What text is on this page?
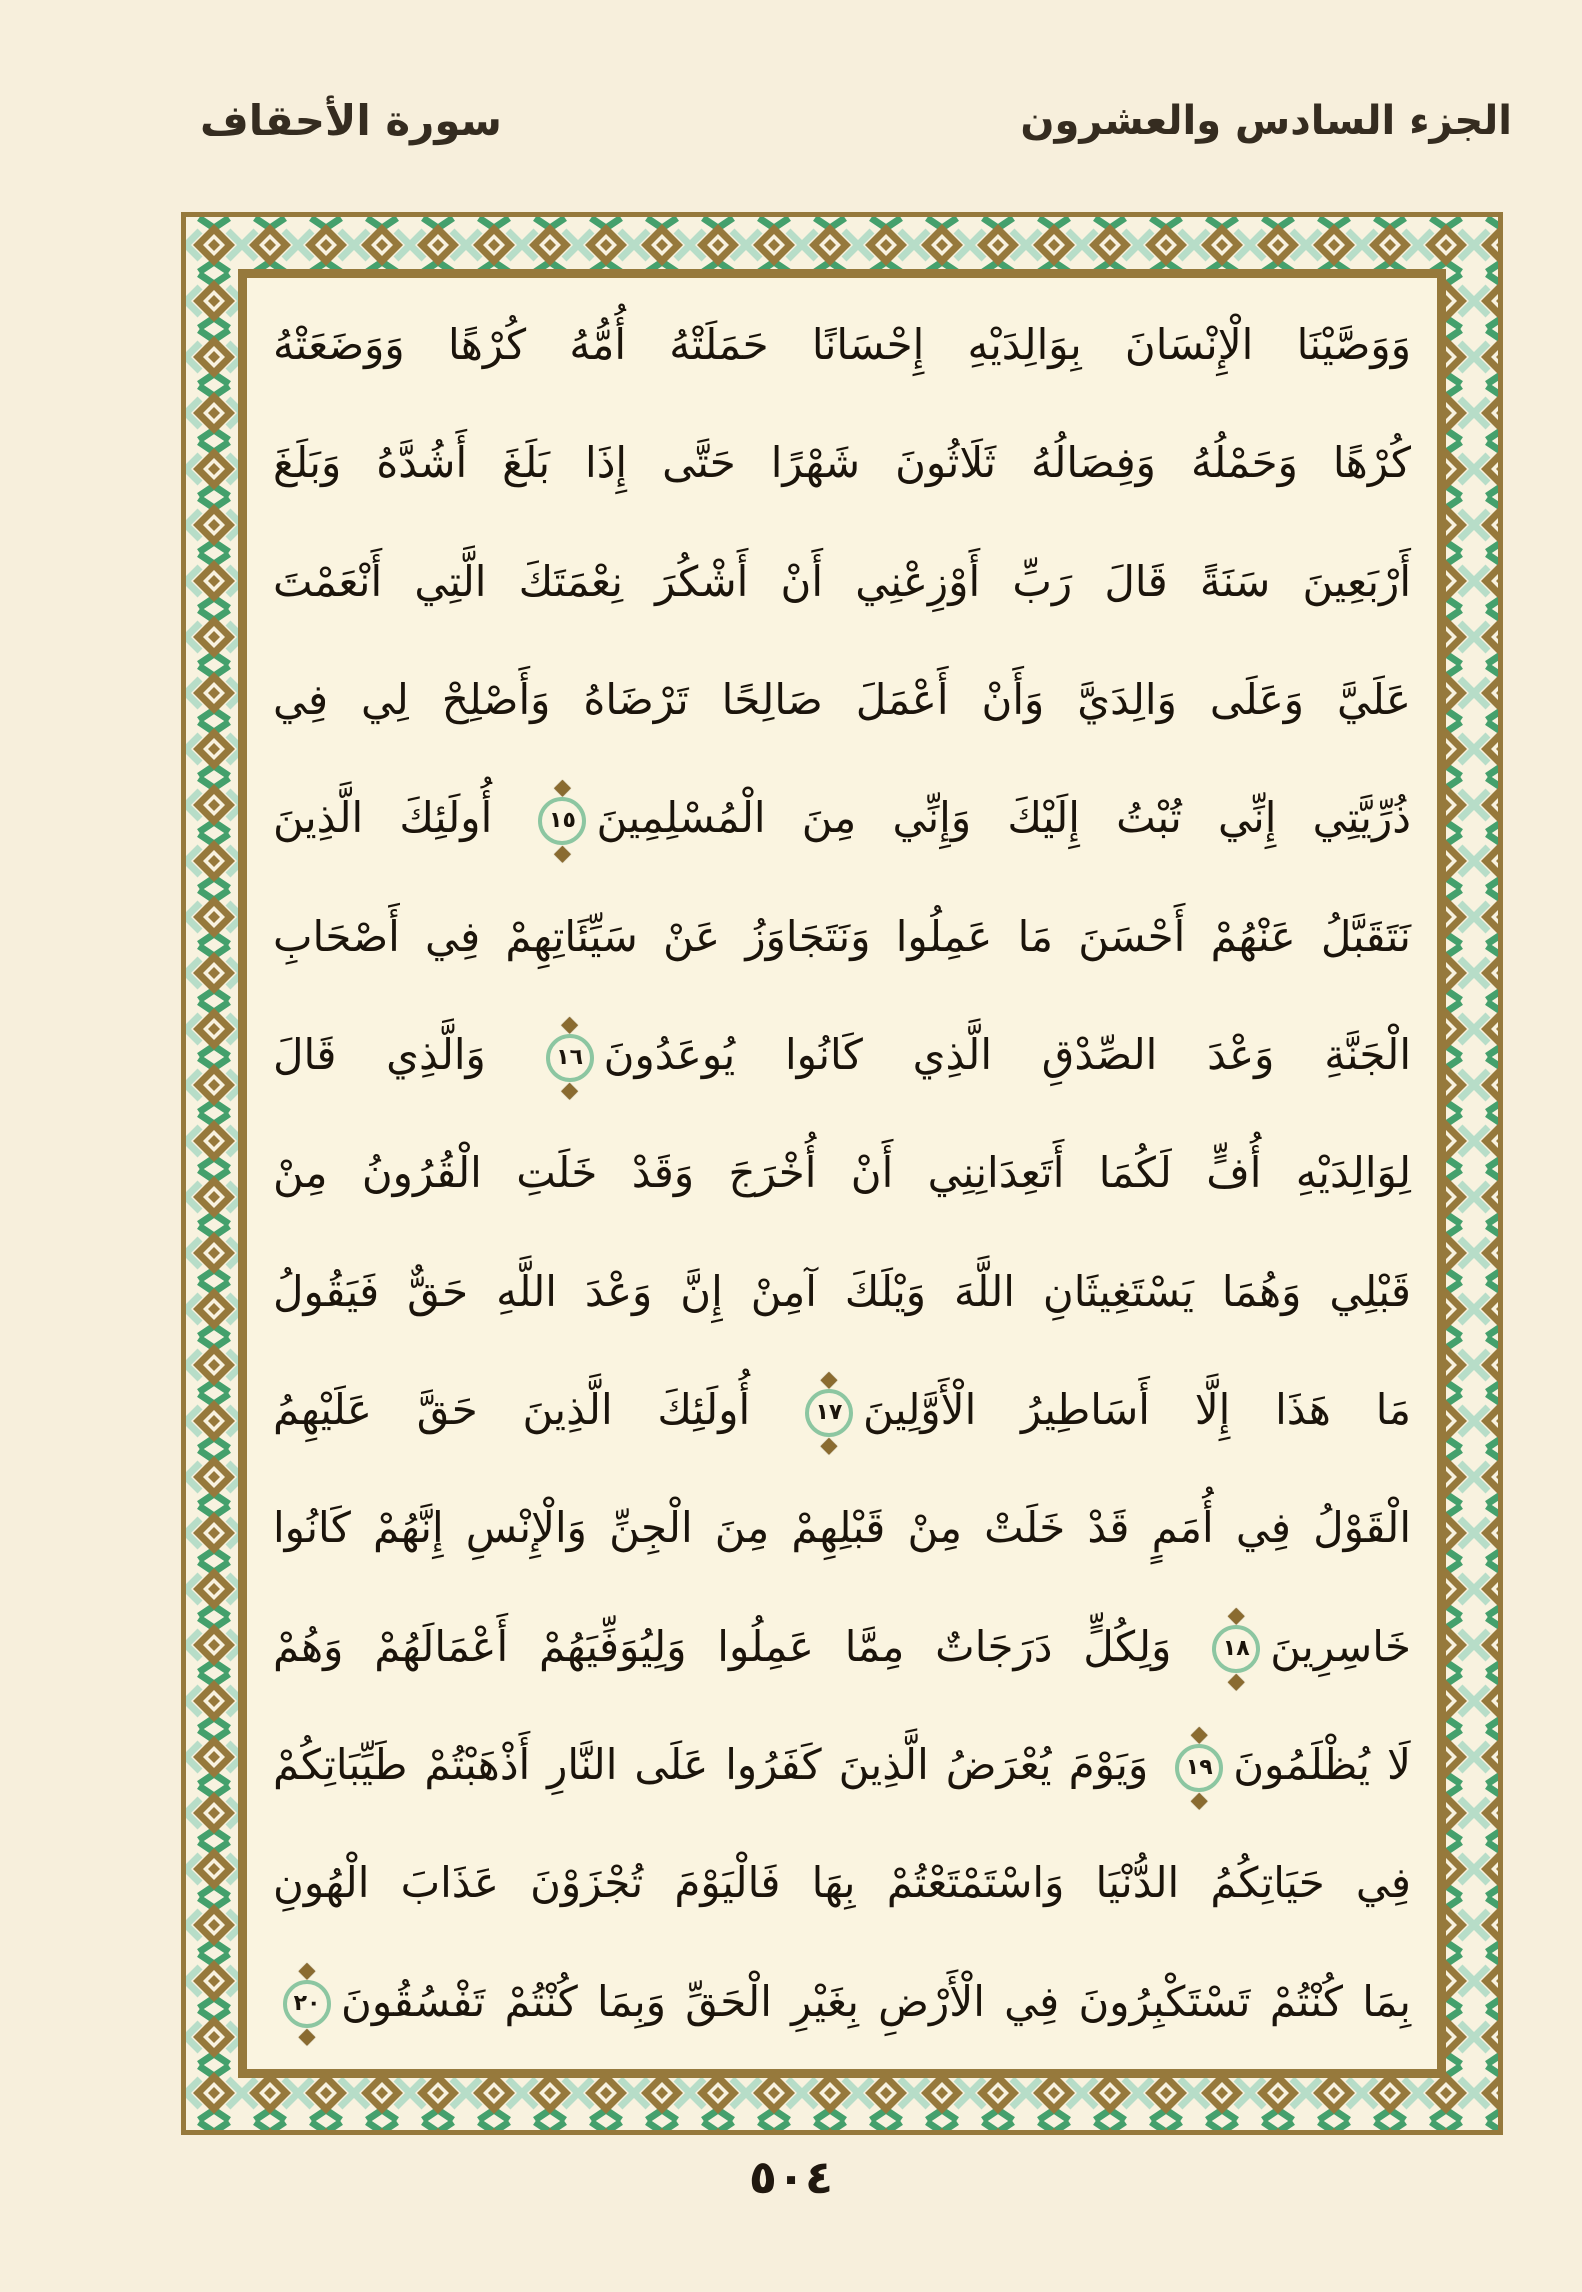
الجزء السادس والعشرون
سورة الأحقاف
وَوَصَّيْنَا الْإِنْسَانَ بِوَالِدَيْهِ إِحْسَانًا حَمَلَتْهُ أُمُّهُ كُرْهًا وَوَضَعَتْهُ
كُرْهًا وَحَمْلُهُ وَفِصَالُهُ ثَلَاثُونَ شَهْرًا حَتَّى إِذَا بَلَغَ أَشُدَّهُ وَبَلَغَ
أَرْبَعِينَ سَنَةً قَالَ رَبِّ أَوْزِعْنِي أَنْ أَشْكُرَ نِعْمَتَكَ الَّتِي أَنْعَمْتَ
عَلَيَّ وَعَلَى وَالِدَيَّ وَأَنْ أَعْمَلَ صَالِحًا تَرْضَاهُ وَأَصْلِحْ لِي فِي
ذُرِّيَّتِي إِنِّي تُبْتُ إِلَيْكَ وَإِنِّي مِنَ الْمُسْلِمِينَ
◆ ١٥
◆ أُولَئِكَ الَّذِينَ
نَتَقَبَّلُ عَنْهُمْ أَحْسَنَ مَا عَمِلُوا وَنَتَجَاوَزُ عَنْ سَيِّئَاتِهِمْ فِي أَصْحَابِ
الْجَنَّةِ وَعْدَ الصِّدْقِ الَّذِي كَانُوا يُوعَدُونَ
◆ ١٦
◆ وَالَّذِي قَالَ
لِوَالِدَيْهِ أُفٍّ لَكُمَا أَتَعِدَانِنِي أَنْ أُخْرَجَ وَقَدْ خَلَتِ الْقُرُونُ مِنْ
قَبْلِي وَهُمَا يَسْتَغِيثَانِ اللَّهَ وَيْلَكَ آمِنْ إِنَّ وَعْدَ اللَّهِ حَقٌّ فَيَقُولُ
مَا هَذَا إِلَّا أَسَاطِيرُ الْأَوَّلِينَ
◆ ١٧
◆ أُولَئِكَ الَّذِينَ حَقَّ عَلَيْهِمُ
الْقَوْلُ فِي أُمَمٍ قَدْ خَلَتْ مِنْ قَبْلِهِمْ مِنَ الْجِنِّ وَالْإِنْسِ إِنَّهُمْ كَانُوا
خَاسِرِينَ
◆ ١٨
◆ وَلِكُلٍّ دَرَجَاتٌ مِمَّا عَمِلُوا وَلِيُوَفِّيَهُمْ أَعْمَالَهُمْ وَهُمْ
لَا يُظْلَمُونَ
◆ ١٩
◆ وَيَوْمَ يُعْرَضُ الَّذِينَ كَفَرُوا عَلَى النَّارِ أَذْهَبْتُمْ طَيِّبَاتِكُمْ
فِي حَيَاتِكُمُ الدُّنْيَا وَاسْتَمْتَعْتُمْ بِهَا فَالْيَوْمَ تُجْزَوْنَ عَذَابَ الْهُونِ
بِمَا كُنْتُمْ تَسْتَكْبِرُونَ فِي الْأَرْضِ بِغَيْرِ الْحَقِّ وَبِمَا كُنْتُمْ تَفْسُقُونَ
◆ ٢٠
◆
٥٠٤
